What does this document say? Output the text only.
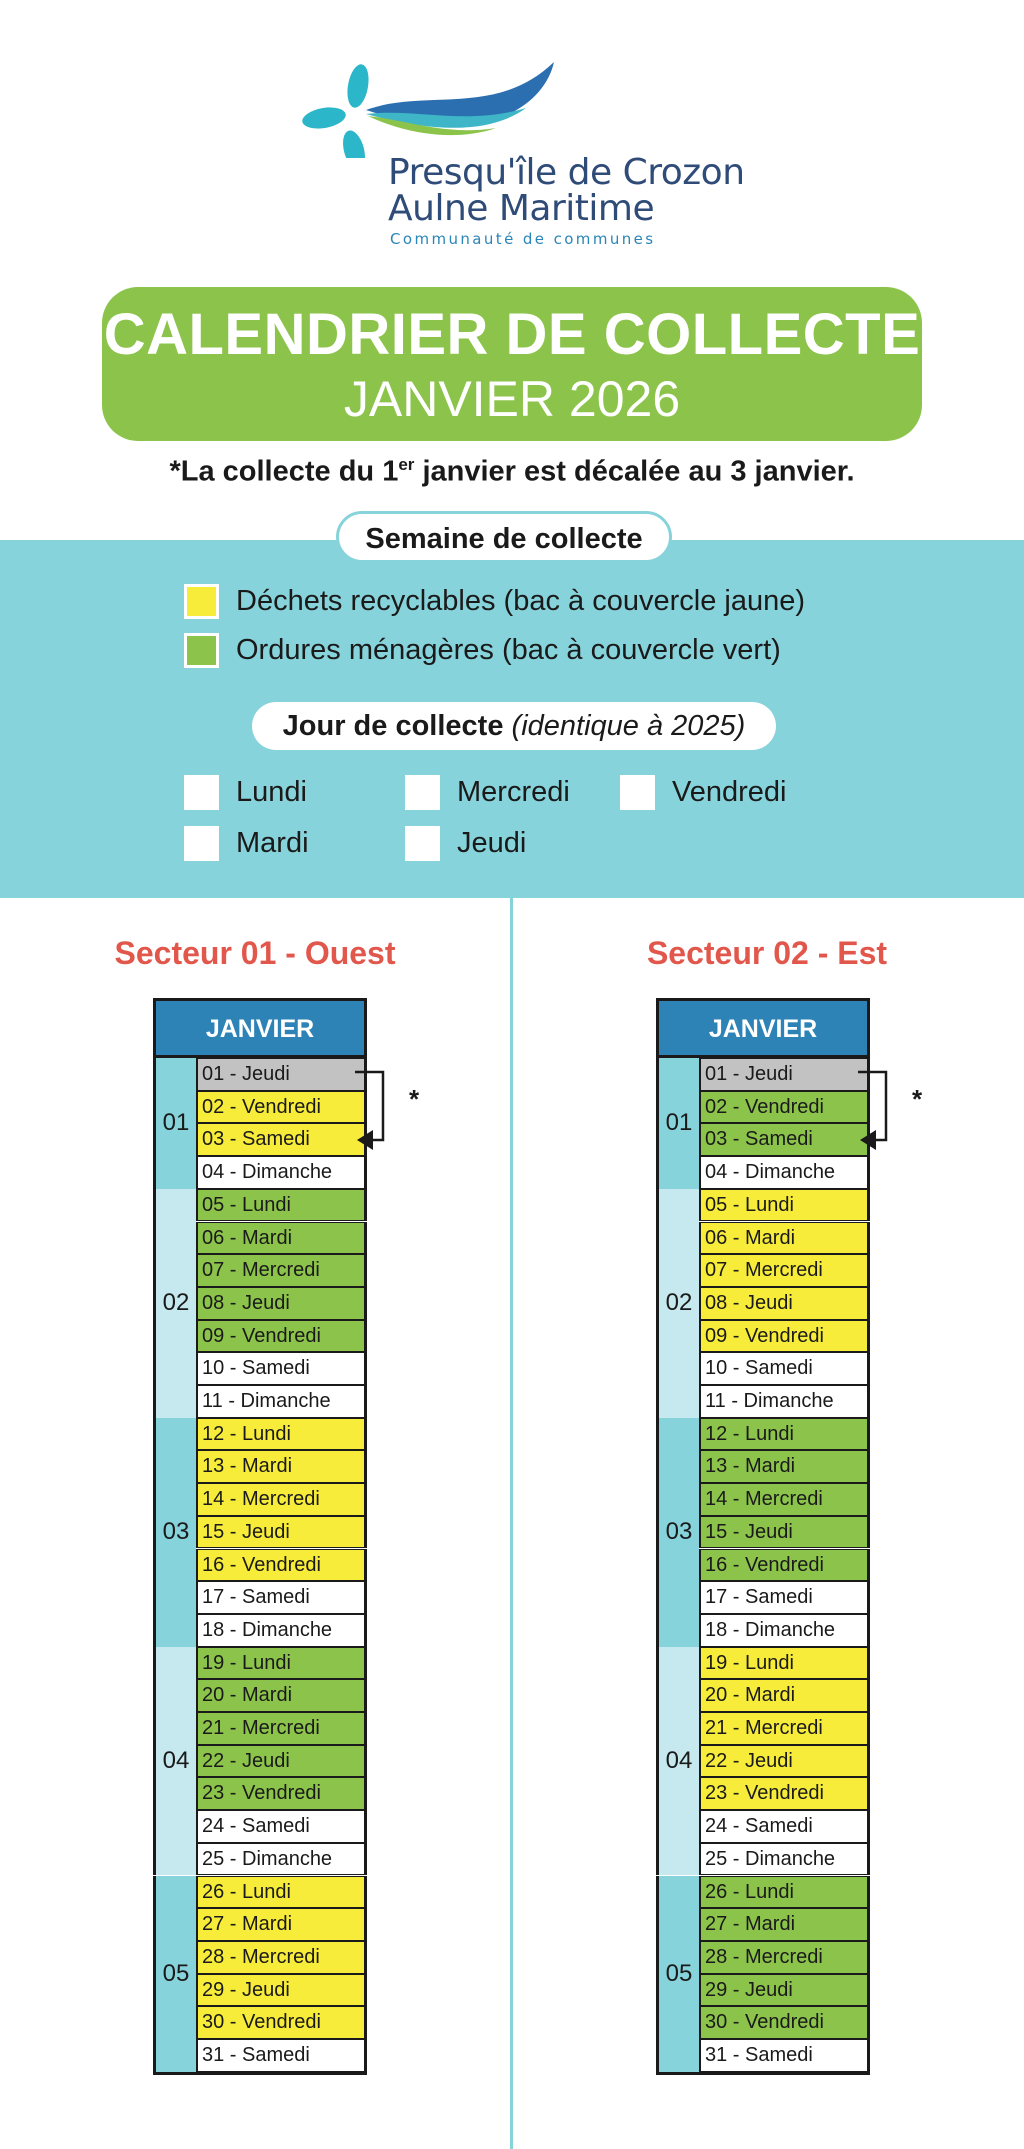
Presqu'île de Crozon
Aulne Maritime
Communauté de communes
CALENDRIER DE COLLECTE
JANVIER 2026
*La collecte du 1er janvier est décalée au 3 janvier.
Semaine de collecte
Déchets recyclables (bac à couvercle jaune)
Ordures ménagères (bac à couvercle vert)
Jour de collecte (identique à 2025)
Lundi	Mercredi	Vendredi
Mardi	Jeudi
Secteur 01 - Ouest	Secteur 02 - Est
JANVIER
01
01 - Jeudi
02 - Vendredi
03 - Samedi
04 - Dimanche
02
05 - Lundi
06 - Mardi
07 - Mercredi
08 - Jeudi
09 - Vendredi
10 - Samedi
11 - Dimanche
03
12 - Lundi
13 - Mardi
14 - Mercredi
15 - Jeudi
16 - Vendredi
17 - Samedi
18 - Dimanche
04
19 - Lundi
20 - Mardi
21 - Mercredi
22 - Jeudi
23 - Vendredi
24 - Samedi
25 - Dimanche
05
26 - Lundi
27 - Mardi
28 - Mercredi
29 - Jeudi
30 - Vendredi
31 - Samedi
*
JANVIER
01
01 - Jeudi
02 - Vendredi
03 - Samedi
04 - Dimanche
02
05 - Lundi
06 - Mardi
07 - Mercredi
08 - Jeudi
09 - Vendredi
10 - Samedi
11 - Dimanche
03
12 - Lundi
13 - Mardi
14 - Mercredi
15 - Jeudi
16 - Vendredi
17 - Samedi
18 - Dimanche
04
19 - Lundi
20 - Mardi
21 - Mercredi
22 - Jeudi
23 - Vendredi
24 - Samedi
25 - Dimanche
05
26 - Lundi
27 - Mardi
28 - Mercredi
29 - Jeudi
30 - Vendredi
31 - Samedi
*
